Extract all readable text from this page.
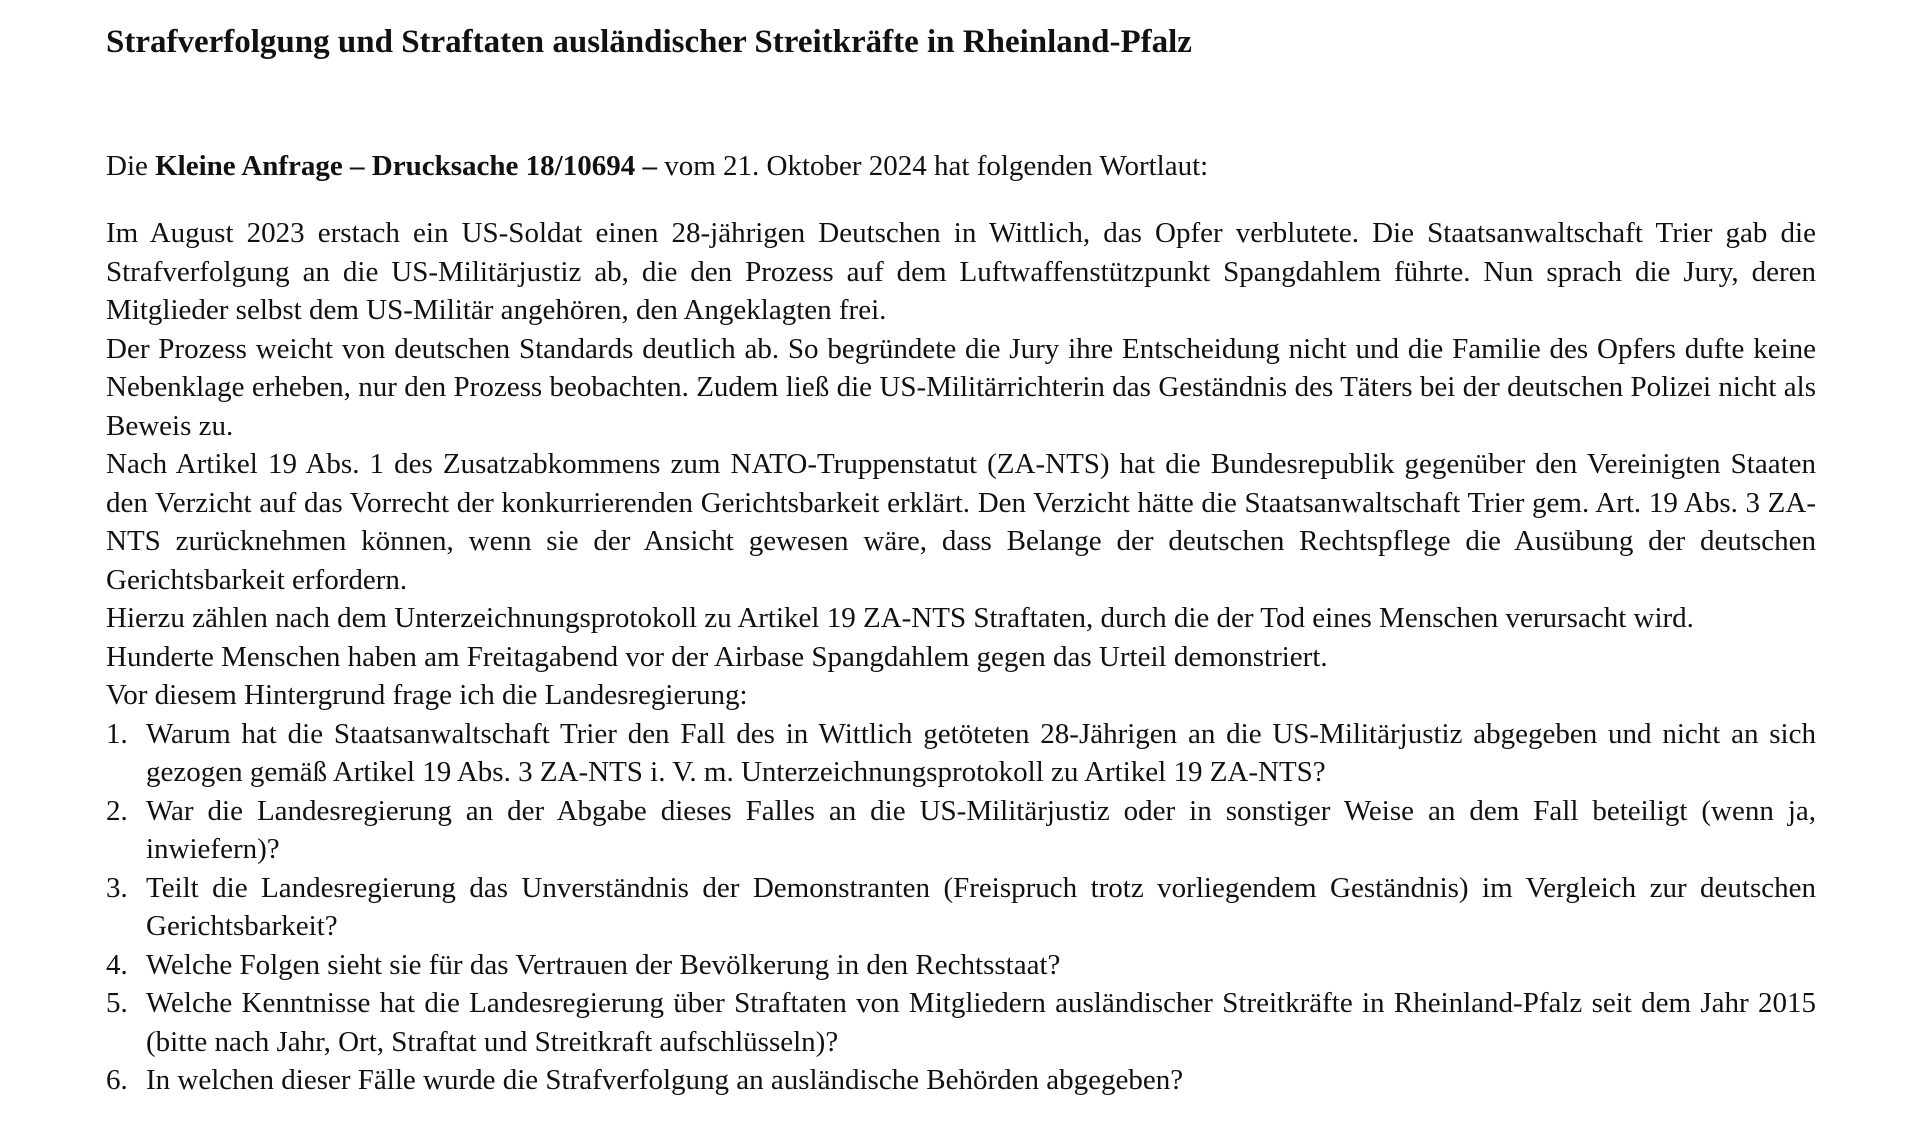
Strafverfolgung und Straftaten ausländischer Streitkräfte in Rheinland-Pfalz

Die Kleine Anfrage – Drucksache 18/10694 – vom 21. Oktober 2024 hat folgenden Wortlaut:

Im August 2023 erstach ein US-Soldat einen 28-jährigen Deutschen in Wittlich, das Opfer verblutete. Die Staatsanwaltschaft Trier gab die Strafverfolgung an die US-Militärjustiz ab, die den Prozess auf dem Luftwaffenstützpunkt Spangdahlem führte. Nun sprach die Jury, deren Mitglieder selbst dem US-Militär angehören, den Angeklagten frei.

Der Prozess weicht von deutschen Standards deutlich ab. So begründete die Jury ihre Entscheidung nicht und die Familie des Opfers dufte keine Nebenklage erheben, nur den Prozess beobachten. Zudem ließ die US-Militärrichterin das Geständnis des Täters bei der deutschen Polizei nicht als Beweis zu.

Nach Artikel 19 Abs. 1 des Zusatzabkommens zum NATO-Truppenstatut (ZA-NTS) hat die Bundesrepublik gegenüber den Vereinigten Staaten den Verzicht auf das Vorrecht der konkurrierenden Gerichtsbarkeit erklärt. Den Verzicht hätte die Staatsanwaltschaft Trier gem. Art. 19 Abs. 3 ZA-NTS zurücknehmen können, wenn sie der Ansicht gewesen wäre, dass Belange der deutschen Rechtspflege die Ausübung der deutschen Gerichtsbarkeit erfordern.

Hierzu zählen nach dem Unterzeichnungsprotokoll zu Artikel 19 ZA-NTS Straftaten, durch die der Tod eines Menschen verursacht wird.

Hunderte Menschen haben am Freitagabend vor der Airbase Spangdahlem gegen das Urteil demonstriert.

Vor diesem Hintergrund frage ich die Landesregierung:

1. Warum hat die Staatsanwaltschaft Trier den Fall des in Wittlich getöteten 28-Jährigen an die US-Militärjustiz abgegeben und nicht an sich gezogen gemäß Artikel 19 Abs. 3 ZA-NTS i. V. m. Unterzeichnungsprotokoll zu Artikel 19 ZA-NTS?
2. War die Landesregierung an der Abgabe dieses Falles an die US-Militärjustiz oder in sonstiger Weise an dem Fall beteiligt (wenn ja, inwiefern)?
3. Teilt die Landesregierung das Unverständnis der Demonstranten (Freispruch trotz vorliegendem Geständnis) im Vergleich zur deutschen Gerichtsbarkeit?
4. Welche Folgen sieht sie für das Vertrauen der Bevölkerung in den Rechtsstaat?
5. Welche Kenntnisse hat die Landesregierung über Straftaten von Mitgliedern ausländischer Streitkräfte in Rheinland-Pfalz seit dem Jahr 2015 (bitte nach Jahr, Ort, Straftat und Streitkraft aufschlüsseln)?
6. In welchen dieser Fälle wurde die Strafverfolgung an ausländische Behörden abgegeben?
